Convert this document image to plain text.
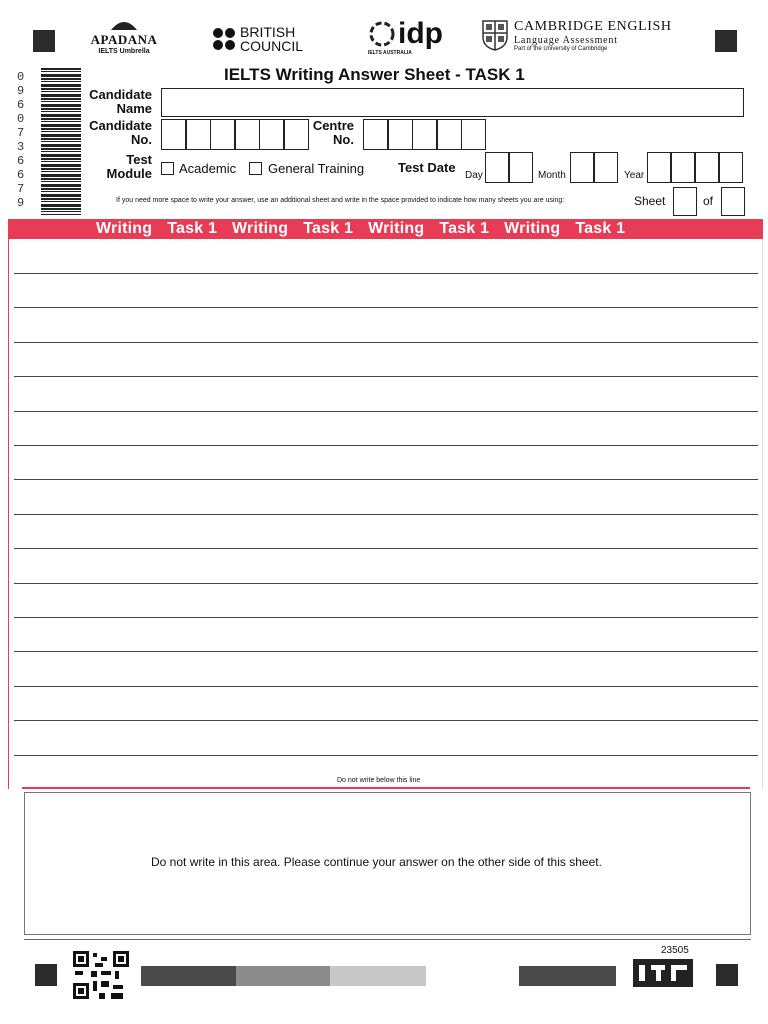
APADANA
IELTS Umbrella
BRITISH
COUNCIL	idp
IELTS AUSTRALIA
CAMBRIDGE ENGLISH
Language Assessment
Part of the University of Cambridge
0960736679
IELTS Writing Answer Sheet - TASK 1
Candidate
Name
Candidate
No.
Centre
No.
Test
Module Academic General Training	Test Date
Day	Month	Year
If you need more space to write your answer, use an additional sheet and write in the space provided to indicate how many sheets you are using:	Sheet	of
Writing Task 1 Writing Task 1 Writing Task 1 Writing Task 1
Do not write below this line
Do not write in this area. Please continue your answer on the other side of this sheet.
23505
